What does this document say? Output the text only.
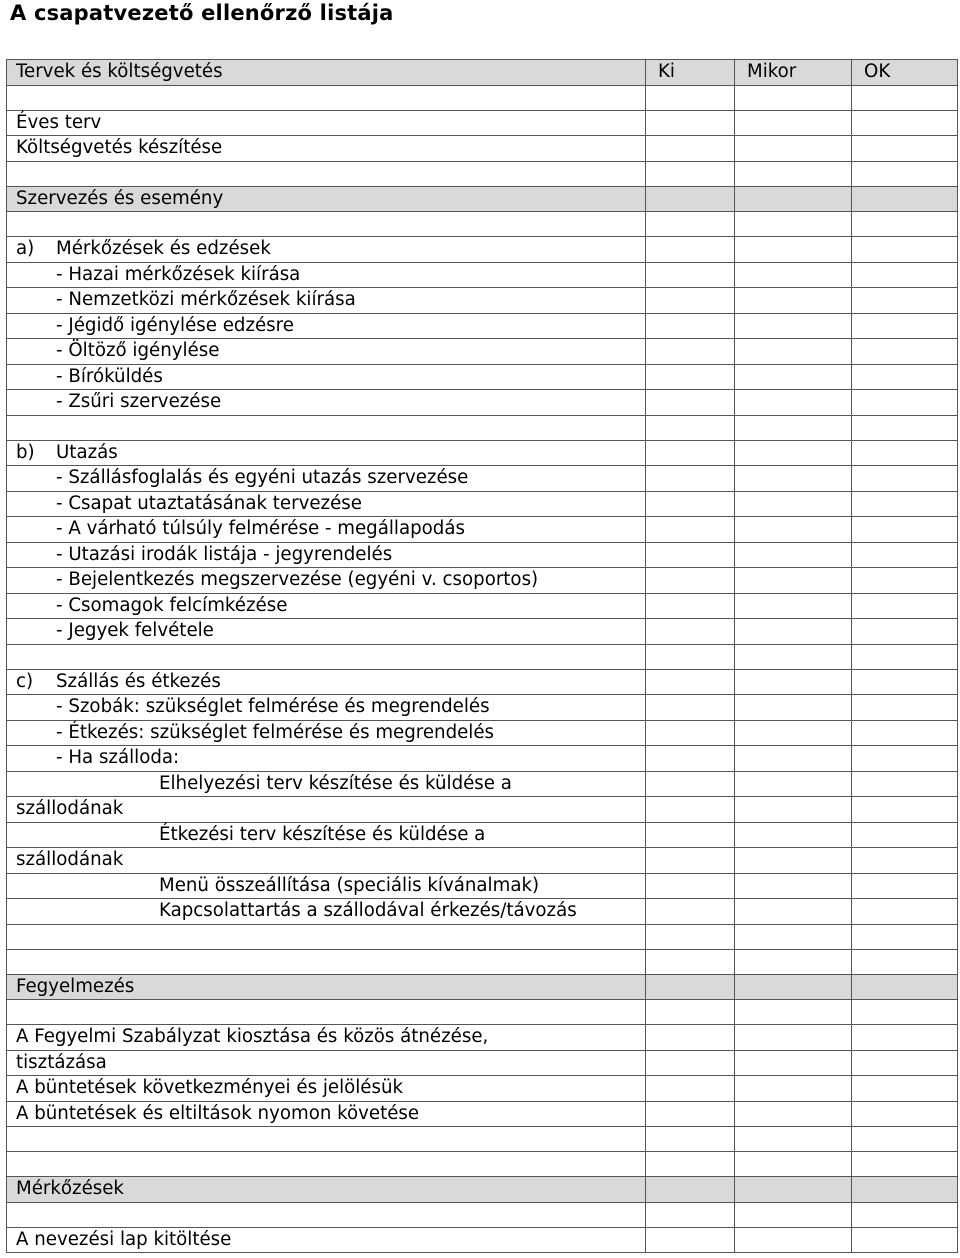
A csapatvezető ellenőrző listája
Tervek és költségvetés	Ki	Mikor	OK

Éves terv			
Költségvetés készítése			

Szervezés és esemény			

a) Mérkőzések és edzések			
- Hazai mérkőzések kiírása			
- Nemzetközi mérkőzések kiírása			
- Jégidő igénylése edzésre			
- Öltöző igénylése			
- Bíróküldés			
- Zsűri szervezése			

b) Utazás			
- Szállásfoglalás és egyéni utazás szervezése			
- Csapat utaztatásának tervezése			
- A várható túlsúly felmérése - megállapodás			
- Utazási irodák listája - jegyrendelés			
- Bejelentkezés megszervezése (egyéni v. csoportos)			
- Csomagok felcímkézése			
- Jegyek felvétele			

c) Szállás és étkezés			
- Szobák: szükséglet felmérése és megrendelés			
- Étkezés: szükséglet felmérése és megrendelés			
- Ha szálloda:			
Elhelyezési terv készítése és küldése a			
szállodának			
Étkezési terv készítése és küldése a			
szállodának			
Menü összeállítása (speciális kívánalmak)			
Kapcsolattartás a szállodával érkezés/távozás			

Fegyelmezés			

A Fegyelmi Szabályzat kiosztása és közös átnézése,			
tisztázása			
A büntetések következményei és jelölésük			
A büntetések és eltiltások nyomon követése			

Mérkőzések			

A nevezési lap kitöltése			
